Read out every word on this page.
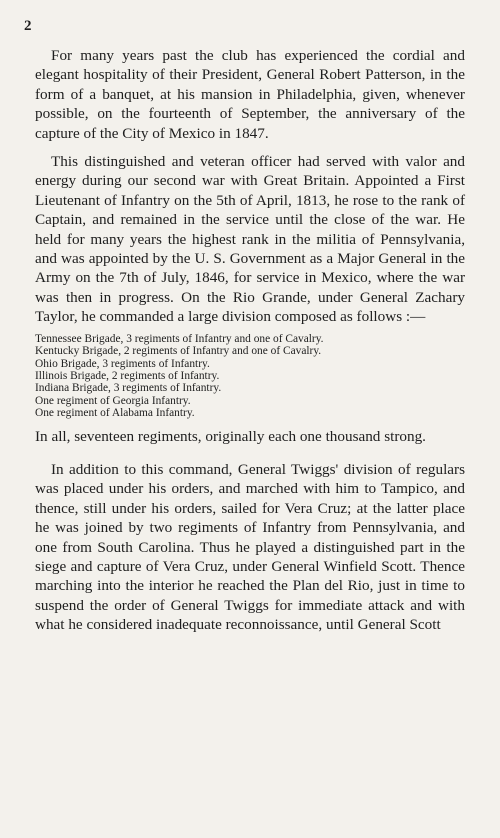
2

For many years past the club has experienced the cordial and elegant hospitality of their President, General Robert Patterson, in the form of a banquet, at his mansion in Philadelphia, given, whenever possible, on the fourteenth of September, the anniversary of the capture of the City of Mexico in 1847.

This distinguished and veteran officer had served with valor and energy during our second war with Great Britain. Appointed a First Lieutenant of Infantry on the 5th of April, 1813, he rose to the rank of Captain, and remained in the service until the close of the war. He held for many years the highest rank in the militia of Pennsylvania, and was appointed by the U. S. Government as a Major General in the Army on the 7th of July, 1846, for service in Mexico, where the war was then in progress. On the Rio Grande, under General Zachary Taylor, he commanded a large division composed as follows :—

Tennessee Brigade, 3 regiments of Infantry and one of Cavalry.
Kentucky Brigade, 2 regiments of Infantry and one of Cavalry.
Ohio Brigade, 3 regiments of Infantry.
Illinois Brigade, 2 regiments of Infantry.
Indiana Brigade, 3 regiments of Infantry.
One regiment of Georgia Infantry.
One regiment of Alabama Infantry.

In all, seventeen regiments, originally each one thousand strong.

In addition to this command, General Twiggs' division of regulars was placed under his orders, and marched with him to Tampico, and thence, still under his orders, sailed for Vera Cruz; at the latter place he was joined by two regiments of Infantry from Pennsylvania, and one from South Carolina. Thus he played a distinguished part in the siege and capture of Vera Cruz, under General Winfield Scott. Thence marching into the interior he reached the Plan del Rio, just in time to suspend the order of General Twiggs for immediate attack and with what he considered inadequate reconnoissance, until General Scott
